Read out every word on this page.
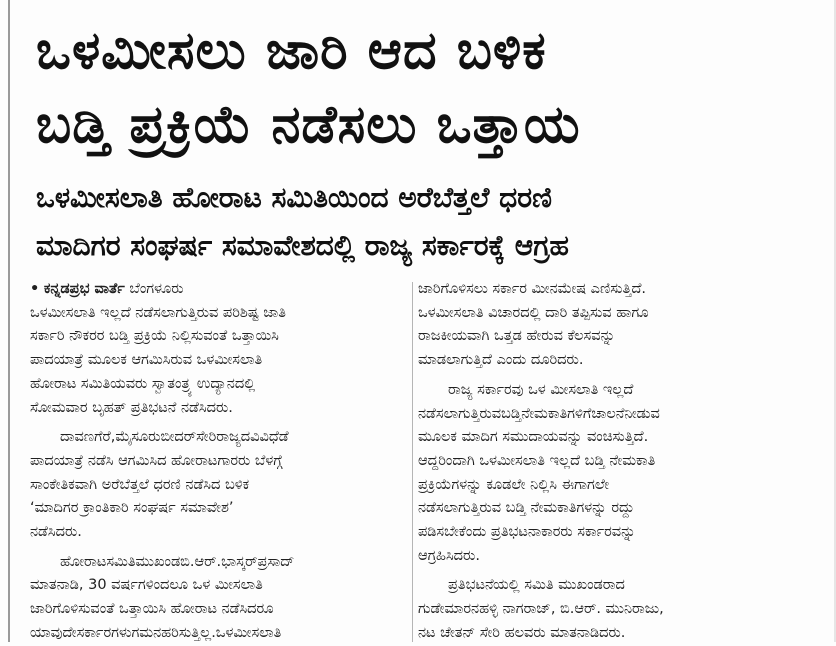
ಒಳಮೀಸಲು ಜಾರಿ ಆದ ಬಳಿಕ
ಬಡ್ತಿ ಪ್ರಕ್ರಿಯೆ ನಡೆಸಲು ಒತ್ತಾಯ
ಒಳಮೀಸಲಾತಿ ಹೋರಾಟ ಸಮಿತಿಯಿಂದ ಅರೆಬೆತ್ತಲೆ ಧರಣಿ
ಮಾದಿಗರ ಸಂಘರ್ಷ ಸಮಾವೇಶದಲ್ಲಿ ರಾಜ್ಯ ಸರ್ಕಾರಕ್ಕೆ ಆಗ್ರಹ
• ಕನ್ನಡಪ್ರಭ ವಾರ್ತೆ ಬೆಂಗಳೂರು
ಒಳಮೀಸಲಾತಿ ಇಲ್ಲದೆ ನಡೆಸಲಾಗುತ್ತಿರುವ ಪರಿಶಿಷ್ಟ ಜಾತಿ
ಸರ್ಕಾರಿ ನೌಕರರ ಬಡ್ತಿ ಪ್ರಕ್ರಿಯೆ ನಿಲ್ಲಿಸುವಂತೆ ಒತ್ತಾಯಿಸಿ
ಪಾದಯಾತ್ರೆ ಮೂಲಕ ಆಗಮಿಸಿರುವ ಒಳಮೀಸಲಾತಿ
ಹೋರಾಟ ಸಮಿತಿಯವರು ಸ್ವಾತಂತ್ರ್ಯ ಉದ್ಯಾನದಲ್ಲಿ
ಸೋಮವಾರ ಬೃಹತ್ ಪ್ರತಿಭಟನೆ ನಡೆಸಿದರು.
ದಾವಣಗೆರೆ,ಮೈಸೂರುಬೀದರ್‌ಸೇರಿರಾಜ್ಯದವಿವಿಧೆಡೆ
ಪಾದಯಾತ್ರೆ ನಡೆಸಿ ಆಗಮಿಸಿದ ಹೋರಾಟಗಾರರು ಬೆಳಗ್ಗೆ
ಸಾಂಕೇತಿಕವಾಗಿ ಅರೆಬೆತ್ತಲೆ ಧರಣಿ ನಡೆಸಿದ ಬಳಿಕ
‘ಮಾದಿಗರ ಕ್ರಾಂತಿಕಾರಿ ಸಂಘರ್ಷ ಸಮಾವೇಶ’
ನಡೆಸಿದರು.
ಹೋರಾಟಸಮಿತಿಮುಖಂಡಬಿ.ಆರ್.ಭಾಸ್ಕರ್‌ಪ್ರಸಾದ್
ಮಾತನಾಡಿ, 30 ವರ್ಷಗಳಿಂದಲೂ ಒಳ ಮೀಸಲಾತಿ
ಜಾರಿಗೊಳಿಸುವಂತೆ ಒತ್ತಾಯಿಸಿ ಹೋರಾಟ ನಡೆಸಿದರೂ
ಯಾವುದೇಸರ್ಕಾರಗಳುಗಮನಹರಿಸುತ್ತಿಲ್ಲ.ಒಳಮೀಸಲಾತಿ
ಜಾರಿಗೊಳಿಸಲು ಸರ್ಕಾರ ಮೀನಮೇಷ ಎಣಿಸುತ್ತಿದೆ.
ಒಳಮೀಸಲಾತಿ ವಿಚಾರದಲ್ಲಿ ದಾರಿ ತಪ್ಪಿಸುವ ಹಾಗೂ
ರಾಜಕೀಯವಾಗಿ ಒತ್ತಡ ಹೇರುವ ಕೆಲಸವನ್ನು
ಮಾಡಲಾಗುತ್ತಿದೆ ಎಂದು ದೂರಿದರು.
ರಾಜ್ಯ ಸರ್ಕಾರವು ಒಳ ಮೀಸಲಾತಿ ಇಲ್ಲದೆ
ನಡೆಸಲಾಗುತ್ತಿರುವಬಡ್ತಿನೇಮಕಾತಿಗಳಿಗೆಚಾಲನೆನೀಡುವ
ಮೂಲಕ ಮಾದಿಗ ಸಮುದಾಯವನ್ನು ವಂಚಿಸುತ್ತಿದೆ.
ಆದ್ದರಿಂದಾಗಿ ಒಳಮೀಸಲಾತಿ ಇಲ್ಲದೆ ಬಡ್ತಿ ನೇಮಕಾತಿ
ಪ್ರಕ್ರಿಯೆಗಳನ್ನು ಕೂಡಲೇ ನಿಲ್ಲಿಸಿ ಈಗಾಗಲೇ
ನಡೆಸಲಾಗುತ್ತಿರುವ ಬಡ್ತಿ ನೇಮಕಾತಿಗಳನ್ನು ರದ್ದು
ಪಡಿಸಬೇಕೆಂದು ಪ್ರತಿಭಟನಾಕಾರರು ಸರ್ಕಾರವನ್ನು
ಆಗ್ರಹಿಸಿದರು.
ಪ್ರತಿಭಟನೆಯಲ್ಲಿ ಸಮಿತಿ ಮುಖಂಡರಾದ
ಗುಡೇಮಾರನಹಳ್ಳಿ ನಾಗರಾಜ್, ಬಿ.ಆರ್. ಮುನಿರಾಜು,
ನಟ ಚೇತನ್ ಸೇರಿ ಹಲವರು ಮಾತನಾಡಿದರು.
